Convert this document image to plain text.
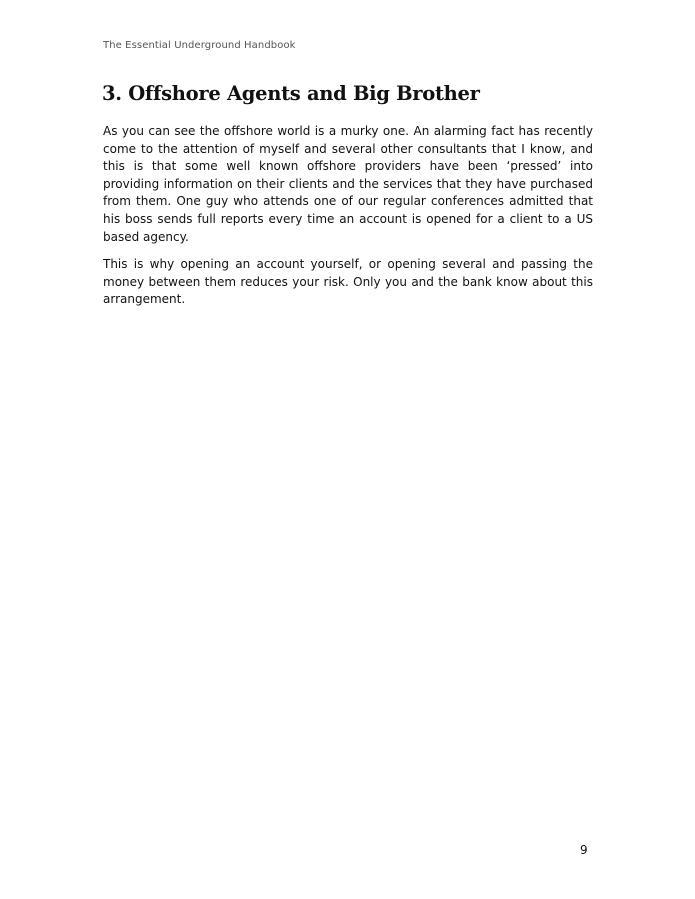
The Essential Underground Handbook
3. Offshore Agents and Big Brother

As you can see the offshore world is a murky one. An alarming fact has recently come to the attention of myself and several other consultants that I know, and this is that some well known offshore providers have been ‘pressed’ into providing information on their clients and the services that they have purchased from them. One guy who attends one of our regular conferences admitted that his boss sends full reports every time an account is opened for a client to a US based agency.

This is why opening an account yourself, or opening several and passing the money between them reduces your risk. Only you and the bank know about this arrangement.

9
